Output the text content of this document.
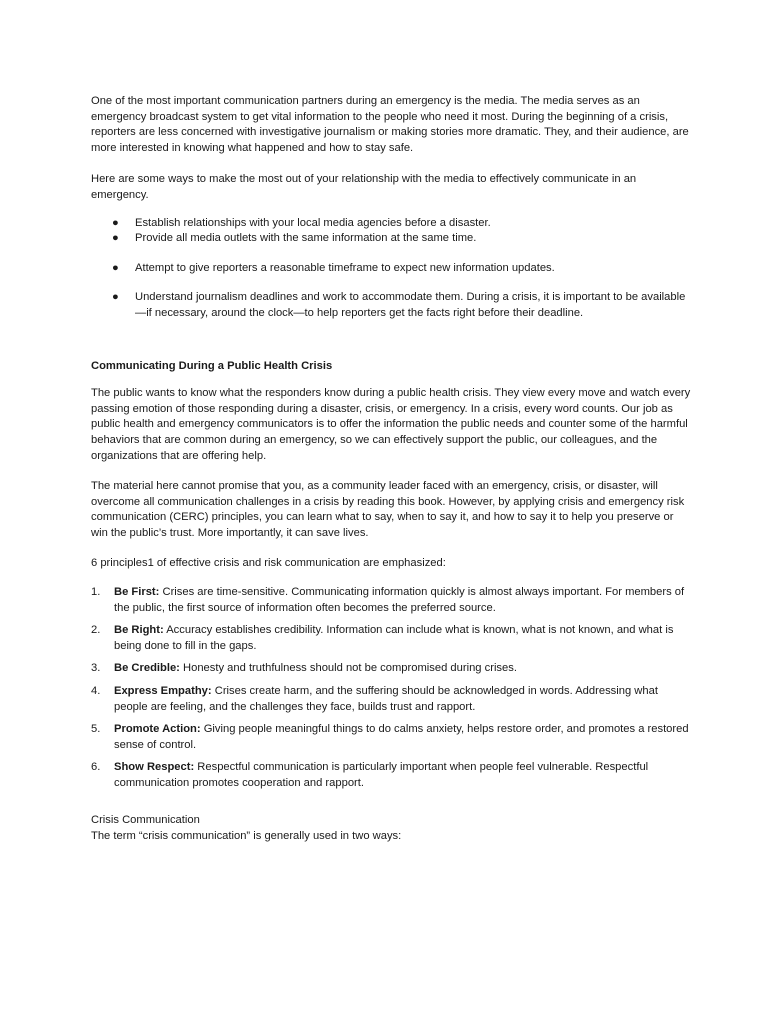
One of the most important communication partners during an emergency is the media. The media serves as an emergency broadcast system to get vital information to the people who need it most. During the beginning of a crisis, reporters are less concerned with investigative journalism or making stories more dramatic. They, and their audience, are more interested in knowing what happened and how to stay safe.

Here are some ways to make the most out of your relationship with the media to effectively communicate in an emergency.

● Establish relationships with your local media agencies before a disaster.
● Provide all media outlets with the same information at the same time.
● Attempt to give reporters a reasonable timeframe to expect new information updates.
● Understand journalism deadlines and work to accommodate them. During a crisis, it is important to be available—if necessary, around the clock—to help reporters get the facts right before their deadline.
Communicating During a Public Health Crisis

The public wants to know what the responders know during a public health crisis. They view every move and watch every passing emotion of those responding during a disaster, crisis, or emergency. In a crisis, every word counts. Our job as public health and emergency communicators is to offer the information the public needs and counter some of the harmful behaviors that are common during an emergency, so we can effectively support the public, our colleagues, and the organizations that are offering help.

The material here cannot promise that you, as a community leader faced with an emergency, crisis, or disaster, will overcome all communication challenges in a crisis by reading this book. However, by applying crisis and emergency risk communication (CERC) principles, you can learn what to say, when to say it, and how to say it to help you preserve or win the public’s trust. More importantly, it can save lives.

6 principles1 of effective crisis and risk communication are emphasized:

1. Be First: Crises are time-sensitive. Communicating information quickly is almost always important. For members of the public, the first source of information often becomes the preferred source.
2. Be Right: Accuracy establishes credibility. Information can include what is known, what is not known, and what is being done to fill in the gaps.
3. Be Credible: Honesty and truthfulness should not be compromised during crises.
4. Express Empathy: Crises create harm, and the suffering should be acknowledged in words. Addressing what people are feeling, and the challenges they face, builds trust and rapport.
5. Promote Action: Giving people meaningful things to do calms anxiety, helps restore order, and promotes a restored sense of control.
6. Show Respect: Respectful communication is particularly important when people feel vulnerable. Respectful communication promotes cooperation and rapport.

Crisis Communication

The term “crisis communication” is generally used in two ways:
